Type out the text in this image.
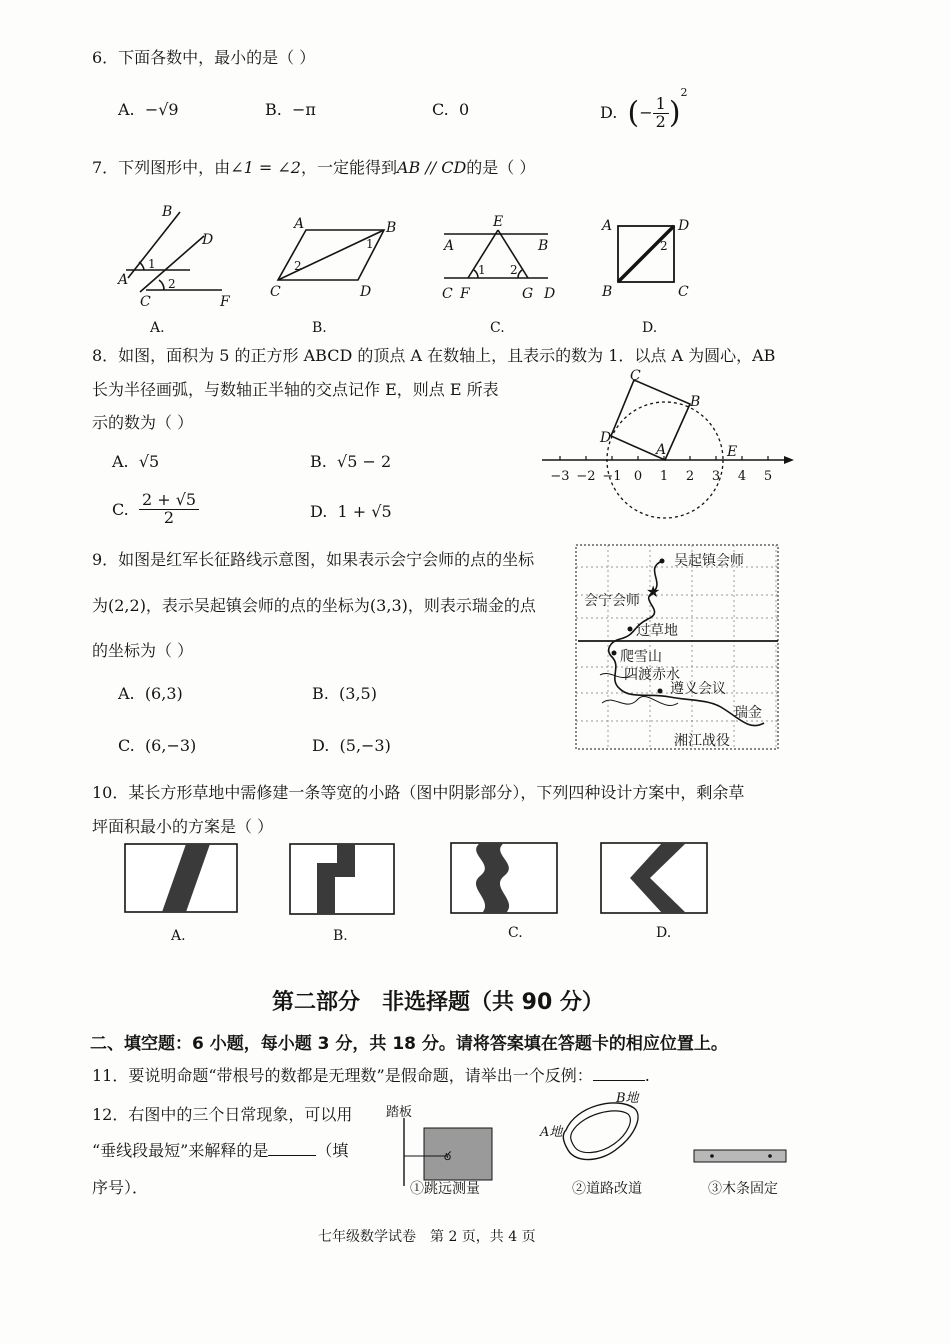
6．下面各数中，最小的是（ ）
A. −√9	B. −π	C. 0	D. (− $\frac{1}{2} )^2$
7．下列图形中，由∠1 = ∠2，一定能得到AB // CD的是（ ）
B
D
A
C	F
1
2
A.
A	B
C	D
1
2
B.
E
A	B
C F	G D
1 2
C.
A	D
B	C
2
D.
8．如图，面积为 5 的正方形 ABCD 的顶点 A 在数轴上，且表示的数为 1．以点 A 为圆心，AB
长为半径画弧，与数轴正半轴的交点记作 E，则点 E 所表
示的数为（ ）
A. √5	B. √5 − 2
C. $\frac{2 + √5}{2}$	D. 1 + √5
−3 −2 −1 0 1 2 3 4 5
C
B
D
A	E
9．如图是红军长征路线示意图，如果表示会宁会师的点的坐标
为(2,2)，表示吴起镇会师的点的坐标为(3,3)，则表示瑞金的点
的坐标为（ ）
A. (6,3)	B. (3,5)
C. (6,−3)	D. (5,−3)
★
吴起镇会师
会宁会师
过草地
爬雪山
四渡赤水
遵义会议
瑞金
湘江战役
10．某长方形草地中需修建一条等宽的小路（图中阴影部分），下列四种设计方案中，剩余草
坪面积最小的方案是（ ）
A.	B.	C.	D.
第二部分　非选择题（共 90 分）
二、填空题：6 小题，每小题 3 分，共 18 分。请将答案填在答题卡的相应位置上。
11．要说明命题“带根号的数都是无理数”是假命题，请举出一个反例：	.
12．右图中的三个日常现象，可以用
“垂线段最短”来解释的是	（填
序号）．
ఠ
踏板
①跳远测量
B地
A地
②道路改道	③木条固定
七年级数学试卷　第 2 页，共 4 页
